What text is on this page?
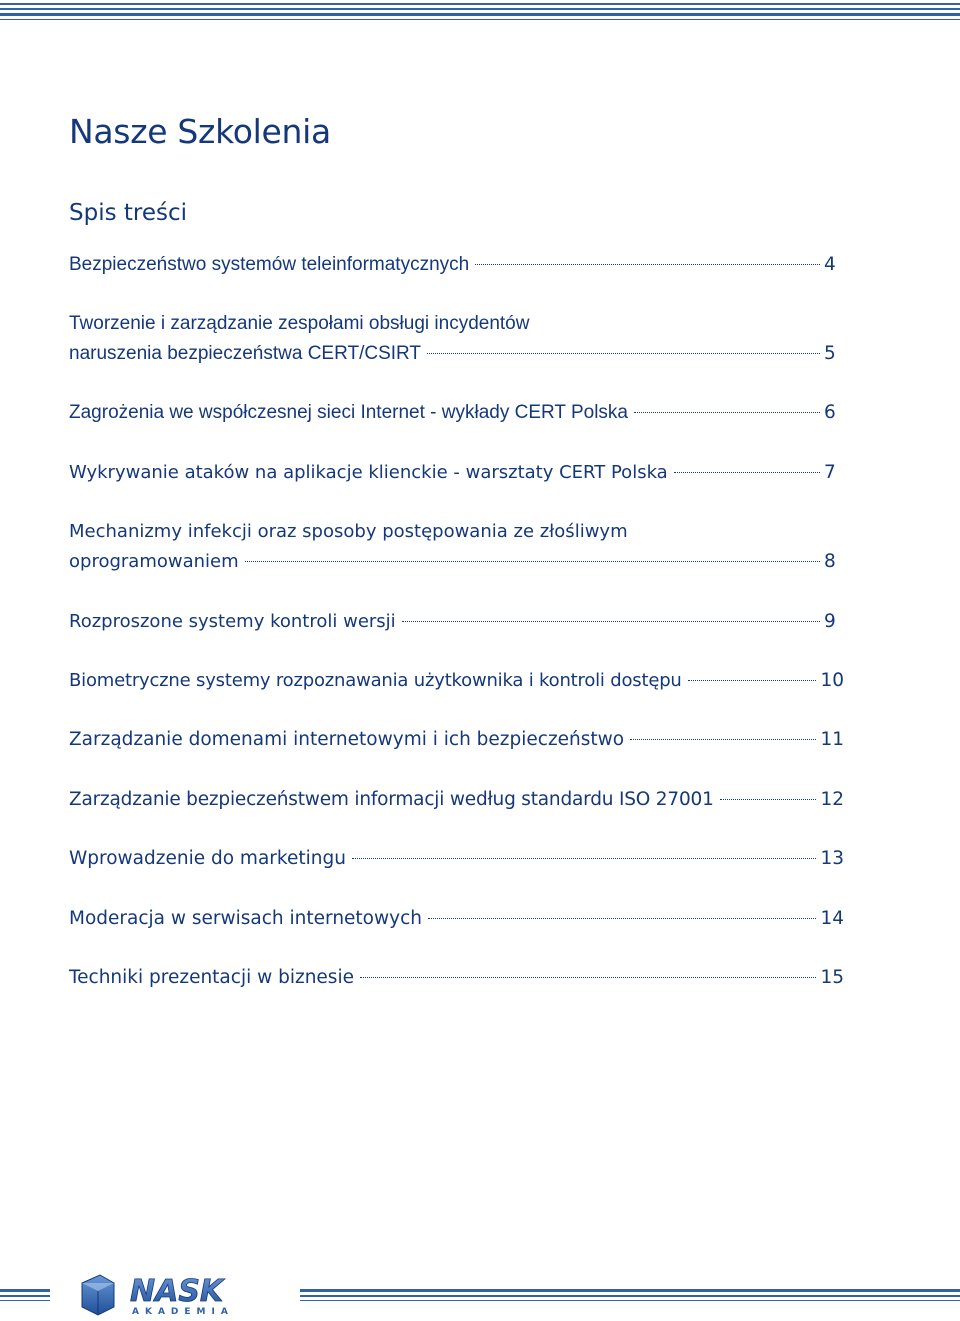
Nasze Szkolenia
Spis treści
Bezpieczeństwo systemów teleinformatycznych	4
Tworzenie i zarządzanie zespołami obsługi incydentów
naruszenia bezpieczeństwa CERT/CSIRT	5
Zagrożenia we współczesnej sieci Internet - wykłady CERT Polska	6
Wykrywanie ataków na aplikacje klienckie - warsztaty CERT Polska	7
Mechanizmy infekcji oraz sposoby postępowania ze złośliwym
oprogramowaniem	8
Rozproszone systemy kontroli wersji	9
Biometryczne systemy rozpoznawania użytkownika i kontroli dostępu	10
Zarządzanie domenami internetowymi i ich bezpieczeństwo	11
Zarządzanie bezpieczeństwem informacji według standardu ISO 27001	12
Wprowadzenie do marketingu	13
Moderacja w serwisach internetowych	14
Techniki prezentacji w biznesie	15
NASK
AKADEMIA
